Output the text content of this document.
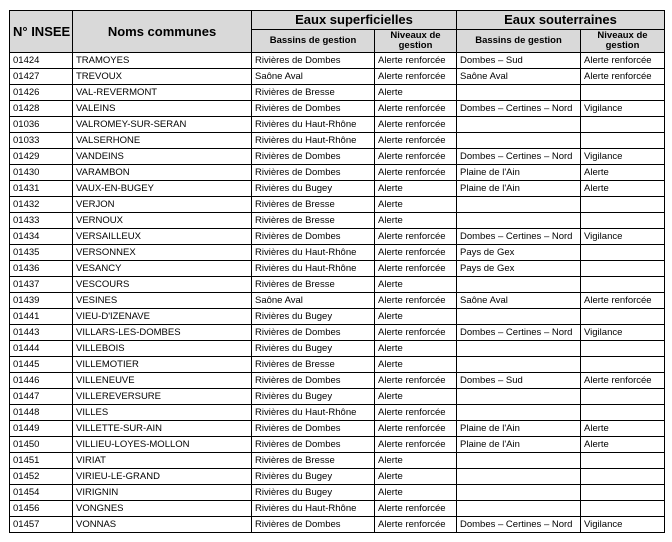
N° INSEE	Noms communes	Eaux superficielles		Eaux souterraines	
		Bassins de gestion	Niveaux de gestion	Bassins de gestion	Niveaux de gestion
01424	TRAMOYES	Rivières de Dombes	Alerte renforcée	Dombes – Sud	Alerte renforcée
01427	TREVOUX	Saône Aval	Alerte renforcée	Saône Aval	Alerte renforcée
01426	VAL-REVERMONT	Rivières de Bresse	Alerte		
01428	VALEINS	Rivières de Dombes	Alerte renforcée	Dombes – Certines – Nord	Vigilance
01036	VALROMEY-SUR-SERAN	Rivières du Haut-Rhône	Alerte renforcée		
01033	VALSERHONE	Rivières du Haut-Rhône	Alerte renforcée		
01429	VANDEINS	Rivières de Dombes	Alerte renforcée	Dombes – Certines – Nord	Vigilance
01430	VARAMBON	Rivières de Dombes	Alerte renforcée	Plaine de l'Ain	Alerte
01431	VAUX-EN-BUGEY	Rivières du Bugey	Alerte	Plaine de l'Ain	Alerte
01432	VERJON	Rivières de Bresse	Alerte		
01433	VERNOUX	Rivières de Bresse	Alerte		
01434	VERSAILLEUX	Rivières de Dombes	Alerte renforcée	Dombes – Certines – Nord	Vigilance
01435	VERSONNEX	Rivières du Haut-Rhône	Alerte renforcée	Pays de Gex	
01436	VESANCY	Rivières du Haut-Rhône	Alerte renforcée	Pays de Gex	
01437	VESCOURS	Rivières de Bresse	Alerte		
01439	VESINES	Saône Aval	Alerte renforcée	Saône Aval	Alerte renforcée
01441	VIEU-D'IZENAVE	Rivières du Bugey	Alerte		
01443	VILLARS-LES-DOMBES	Rivières de Dombes	Alerte renforcée	Dombes – Certines – Nord	Vigilance
01444	VILLEBOIS	Rivières du Bugey	Alerte		
01445	VILLEMOTIER	Rivières de Bresse	Alerte		
01446	VILLENEUVE	Rivières de Dombes	Alerte renforcée	Dombes – Sud	Alerte renforcée
01447	VILLEREVERSURE	Rivières du Bugey	Alerte		
01448	VILLES	Rivières du Haut-Rhône	Alerte renforcée		
01449	VILLETTE-SUR-AIN	Rivières de Dombes	Alerte renforcée	Plaine de l'Ain	Alerte
01450	VILLIEU-LOYES-MOLLON	Rivières de Dombes	Alerte renforcée	Plaine de l'Ain	Alerte
01451	VIRIAT	Rivières de Bresse	Alerte		
01452	VIRIEU-LE-GRAND	Rivières du Bugey	Alerte		
01454	VIRIGNIN	Rivières du Bugey	Alerte		
01456	VONGNES	Rivières du Haut-Rhône	Alerte renforcée		
01457	VONNAS	Rivières de Dombes	Alerte renforcée	Dombes – Certines – Nord	Vigilance
